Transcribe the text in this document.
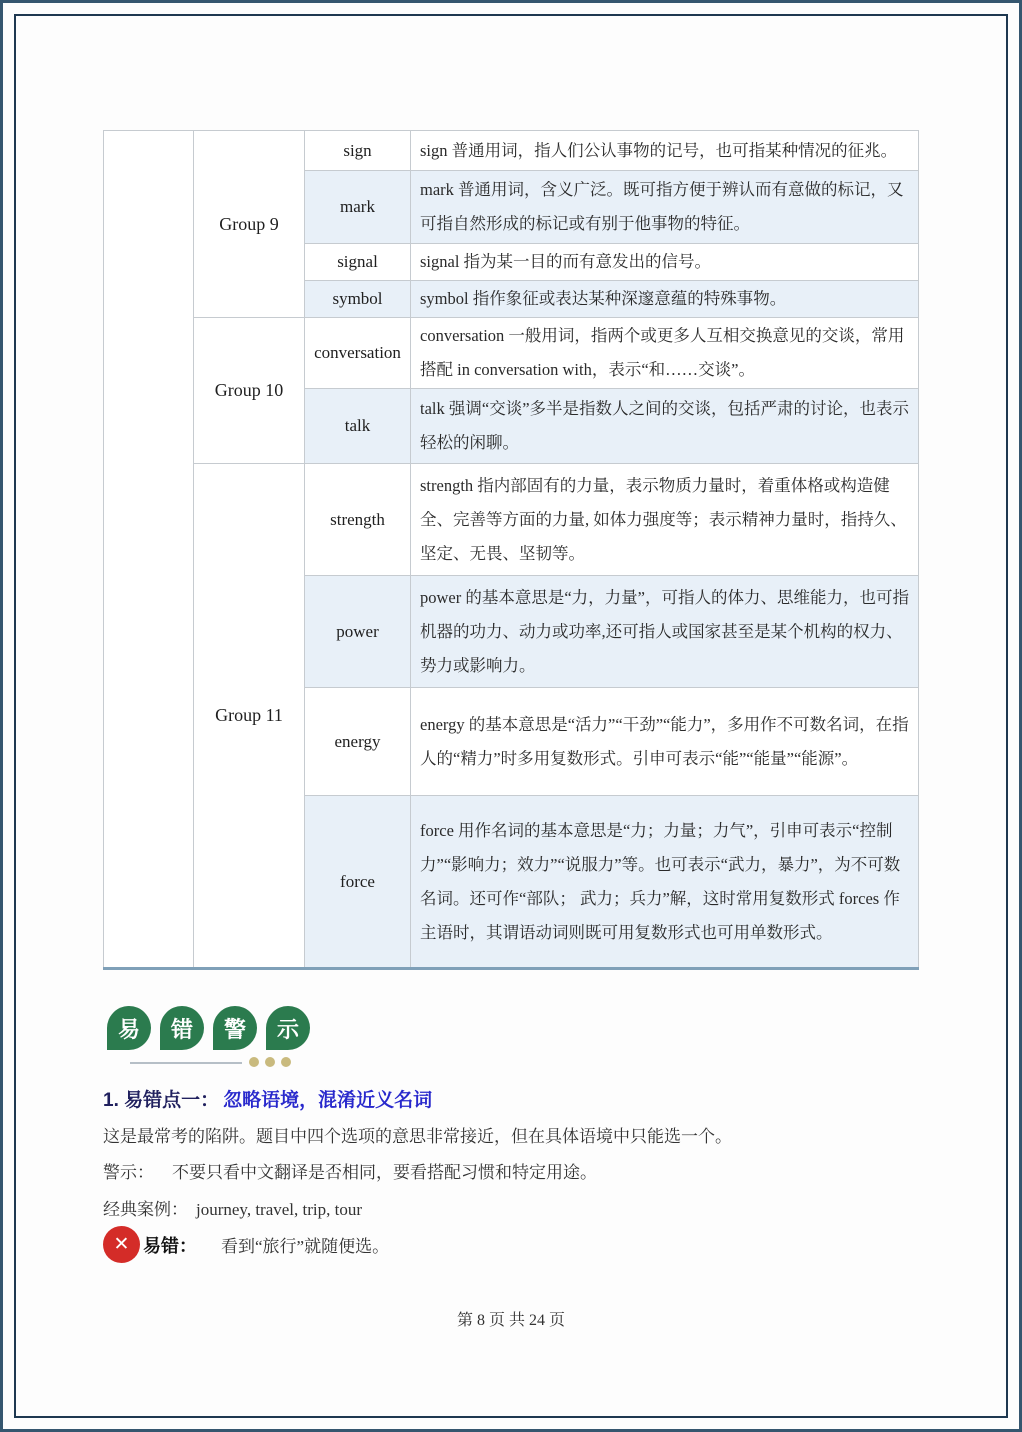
	Group 9	sign	sign 普通用词，指人们公认事物的记号，也可指某种情况的征兆。
		mark	mark 普通用词，含义广泛。既可指方便于辨认而有意做的标记，又可指自然形成的标记或有别于他事物的特征。
		signal	signal 指为某一目的而有意发出的信号。
		symbol	symbol 指作象征或表达某种深邃意蕴的特殊事物。
	Group 10	conversation	conversation 一般用词，指两个或更多人互相交换意见的交谈，常用搭配 in conversation with，表示“和……交谈”。
		talk	talk 强调“交谈”多半是指数人之间的交谈，包括严肃的讨论，也表示轻松的闲聊。
	Group 11	strength	strength 指内部固有的力量，表示物质力量时，着重体格或构造健全、完善等方面的力量, 如体力强度等；表示精神力量时，指持久、坚定、无畏、坚韧等。
		power	power 的基本意思是“力，力量”，可指人的体力、思维能力，也可指机器的功力、动力或功率,还可指人或国家甚至是某个机构的权力、势力或影响力。
		energy	energy 的基本意思是“活力”“干劲”“能力”，多用作不可数名词，在指人的“精力”时多用复数形式。引申可表示“能”“能量”“能源”。
		force	force 用作名词的基本意思是“力；力量；力气”，引申可表示“控制力”“影响力；效力”“说服力”等。也可表示“武力，暴力”，为不可数名词。还可作“部队； 武力；兵力”解，这时常用复数形式 forces 作主语时，其谓语动词则既可用复数形式也可用单数形式。
易	错	警	示
1. 易错点一： 忽略语境，混淆近义名词
这是最常考的陷阱。题目中四个选项的意思非常接近，但在具体语境中只能选一个。
警示： 不要只看中文翻译是否相同，要看搭配习惯和特定用途。
经典案例： journey, travel, trip, tour
✕ 易错： 看到“旅行”就随便选。
第 8 页 共 24 页
